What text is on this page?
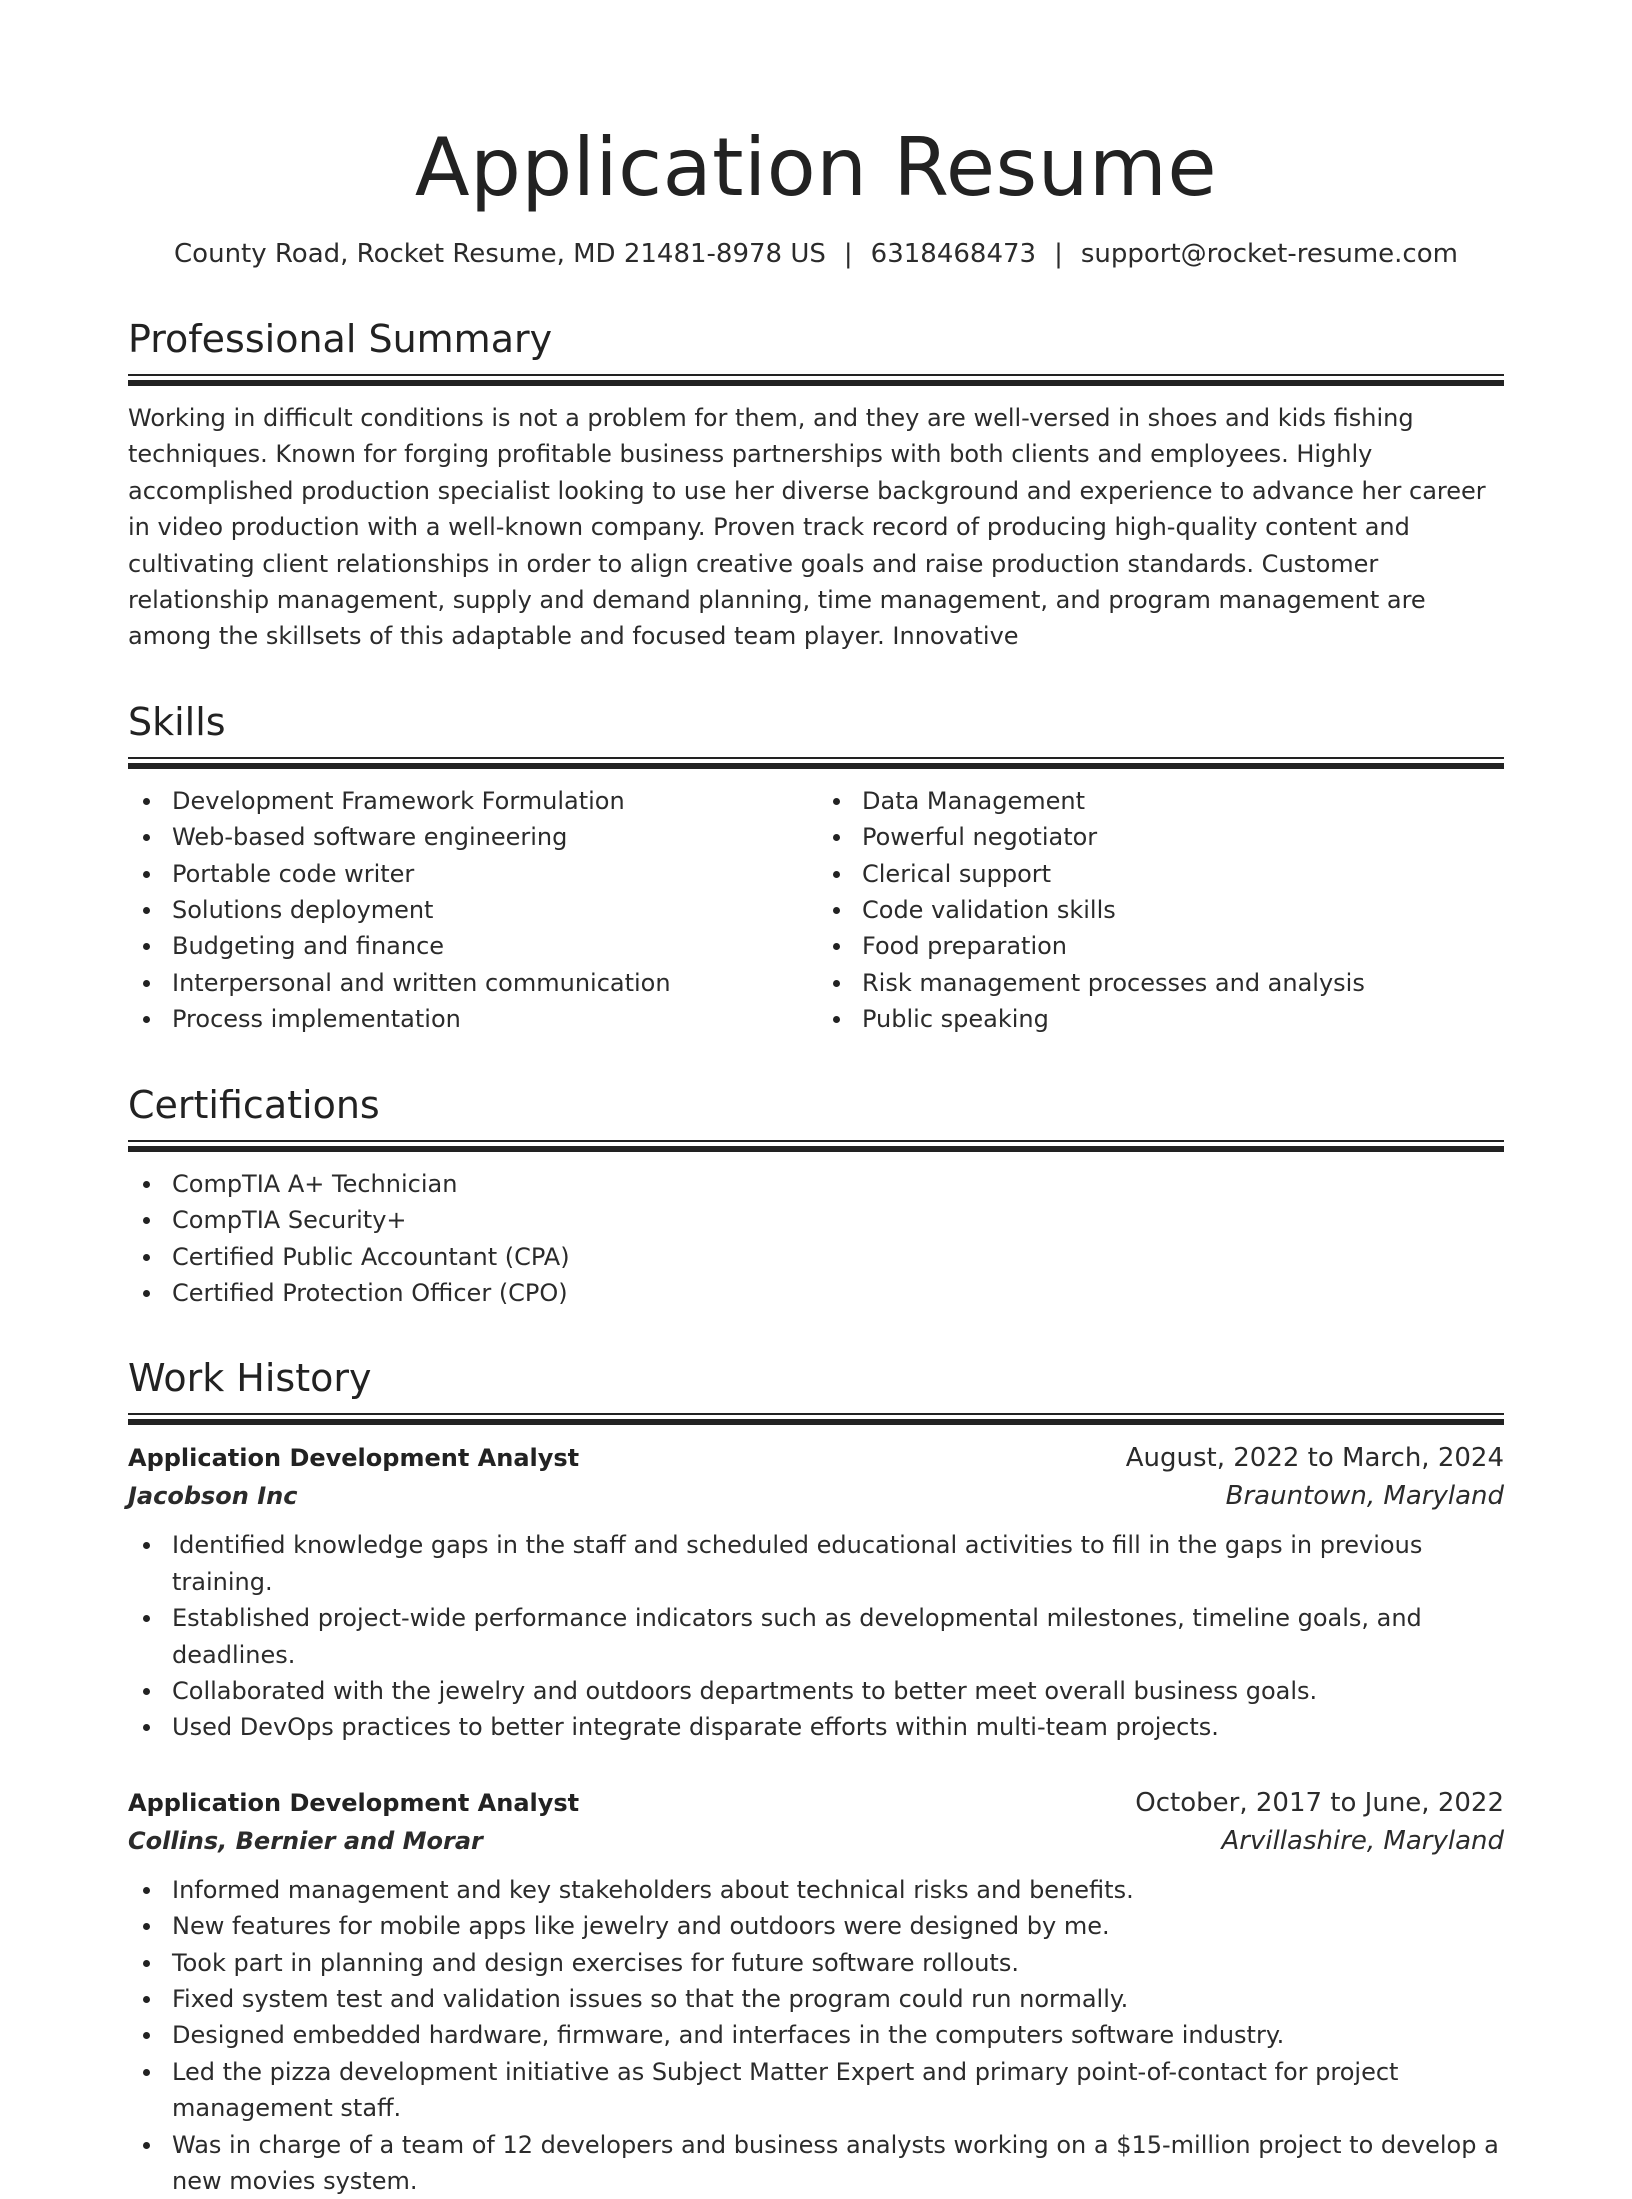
Application Resume
County Road, Rocket Resume, MD 21481-8978 US | 6318468473 | support@rocket-resume.com
Professional Summary

Working in difficult conditions is not a problem for them, and they are well-versed in shoes and kids fishing techniques. Known for forging profitable business partnerships with both clients and employees. Highly accomplished production specialist looking to use her diverse background and experience to advance her career in video production with a well-known company. Proven track record of producing high-quality content and cultivating client relationships in order to align creative goals and raise production standards. Customer relationship management, supply and demand planning, time management, and program management are among the skillsets of this adaptable and focused team player. Innovative

Skills
Development Framework Formulation
Web-based software engineering
Portable code writer
Solutions deployment
Budgeting and finance
Interpersonal and written communication
Process implementation
Data Management
Powerful negotiator
Clerical support
Code validation skills
Food preparation
Risk management processes and analysis
Public speaking
Certifications
CompTIA A+ Technician
CompTIA Security+
Certified Public Accountant (CPA)
Certified Protection Officer (CPO)
Work History
Application Development Analyst	August, 2022 to March, 2024
Jacobson Inc	Brauntown, Maryland
Identified knowledge gaps in the staff and scheduled educational activities to fill in the gaps in previous training.
Established project-wide performance indicators such as developmental milestones, timeline goals, and deadlines.
Collaborated with the jewelry and outdoors departments to better meet overall business goals.
Used DevOps practices to better integrate disparate efforts within multi-team projects.
Application Development Analyst	October, 2017 to June, 2022
Collins, Bernier and Morar	Arvillashire, Maryland
Informed management and key stakeholders about technical risks and benefits.
New features for mobile apps like jewelry and outdoors were designed by me.
Took part in planning and design exercises for future software rollouts.
Fixed system test and validation issues so that the program could run normally.
Designed embedded hardware, firmware, and interfaces in the computers software industry.
Led the pizza development initiative as Subject Matter Expert and primary point-of-contact for project management staff.
Was in charge of a team of 12 developers and business analysts working on a $15-million project to develop a new movies system.
